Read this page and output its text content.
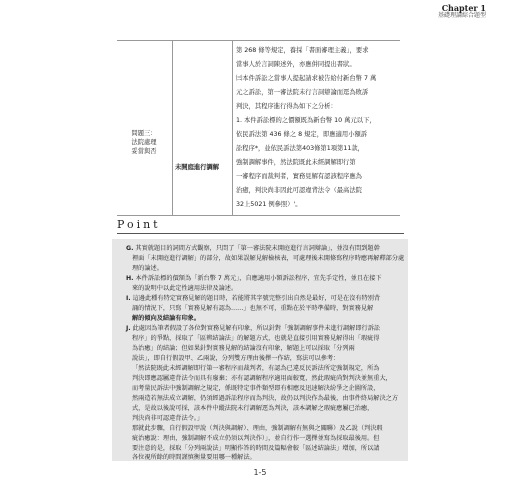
Chapter 1
基礎理論綜合題型
問題三：
法院處理
妥當與否
未開庭進行調解
第 268 條等規定，養採「書面審理主義」，要求
當事人於言詞陳述外，亦應併同提出書狀。
㈢本件訴訟之當事人提起請求被告給付新台幣 7 萬
元之訴訟，第一審法院未行言詞辯論而逕為敗訴
判決，其程序進行得為如下之分析：
1. 本件訴訟標的之價額既為新台幣 10 萬元以下，
依民訴法第 436 條之 8 規定，即應適用小額訴
訟程序*，並依民訴法第403條第1項第11款，
強制調解事件，然法院既此未經調解即行第
一審程序而裁判者，實務見解有認該程序應為
治癒，判決尚非因此可認違背法令（最高法院
32上5021 例參照）'。
Point
G. 其實就題目的詞間方式觀察，只問了「第一審法院未開庭進行言詞辯論」，並沒有問到題幹
裡面「未開庭進行調解」的部分，故如果誤解見解檢核表，可處理後未開條寫程序時應再解釋部分處
理的論述。
H. 本件訴訟標的價額為「新台幣 7 萬元」，自應適用小額訴訟程序，宜先手定性，並且在接下
來的說明中以此定性適用法律及論述。
I. 這邊此種有特定實務見解的題目時，若能將其字號完整引出自然是最好，可是在沒有特別背
誦的情況下，只寫「實務見解有認為……」也無不可，重點在於平時準備時，對實務見解
解的傾向及結論有印象。
J. 此處因為筆者假設了各位對實務見解有印象，所以針對「強制調解事件未進行調解即行訴訟
程序」的爭點，採取了「區辨結論法」的解題方式，也就是直接引用實務見解得出「瑕疵得
為治癒」的結論；但如果針對實務見解的結論沒有印象，解題上可以採取「分列兩
說法」，即自行假設甲、乙兩說，分列雙方理由後擇一作結，寫法可以參考：
「然法院既此未經調解即行第一審程序而裁判者，有認為已違反民訴法所定強制規定，所為
判決即應認屬違背法令而具有廢棄；亦有認調解程序適用面較寬，然此瑕疵尚對判決並無重大，
而考量民訴法中強制調解之規定，係既特定事件類型即有相應及迅速解決紛爭之企圖所設，
然兩造若無法成立調解，仍須經過訴訟程序而為判決，故仍以判決作為最後，由事件終局解決之方
式，是故以後說可採，該本件中縱法院未行調解逕為判決，該本調解之瑕疵應屬已治癒，
判決尚非可認違背法令。」
那就此步驟，自行假設甲說（判決與調解）、理由，強制調解有無與之關聯）及乙說（判決瑕
疵治癒說：理由，強制調解不成立仍須以判決作）」，並自行作一選擇並寫為採取最後用。但
要注意的是，採取「分列兩說法」明顯作答的時間及篇幅會較「區述結論法」增加，所以請
各位視所餘的時間謹慎衡量要用哪一種解法。
1-5
